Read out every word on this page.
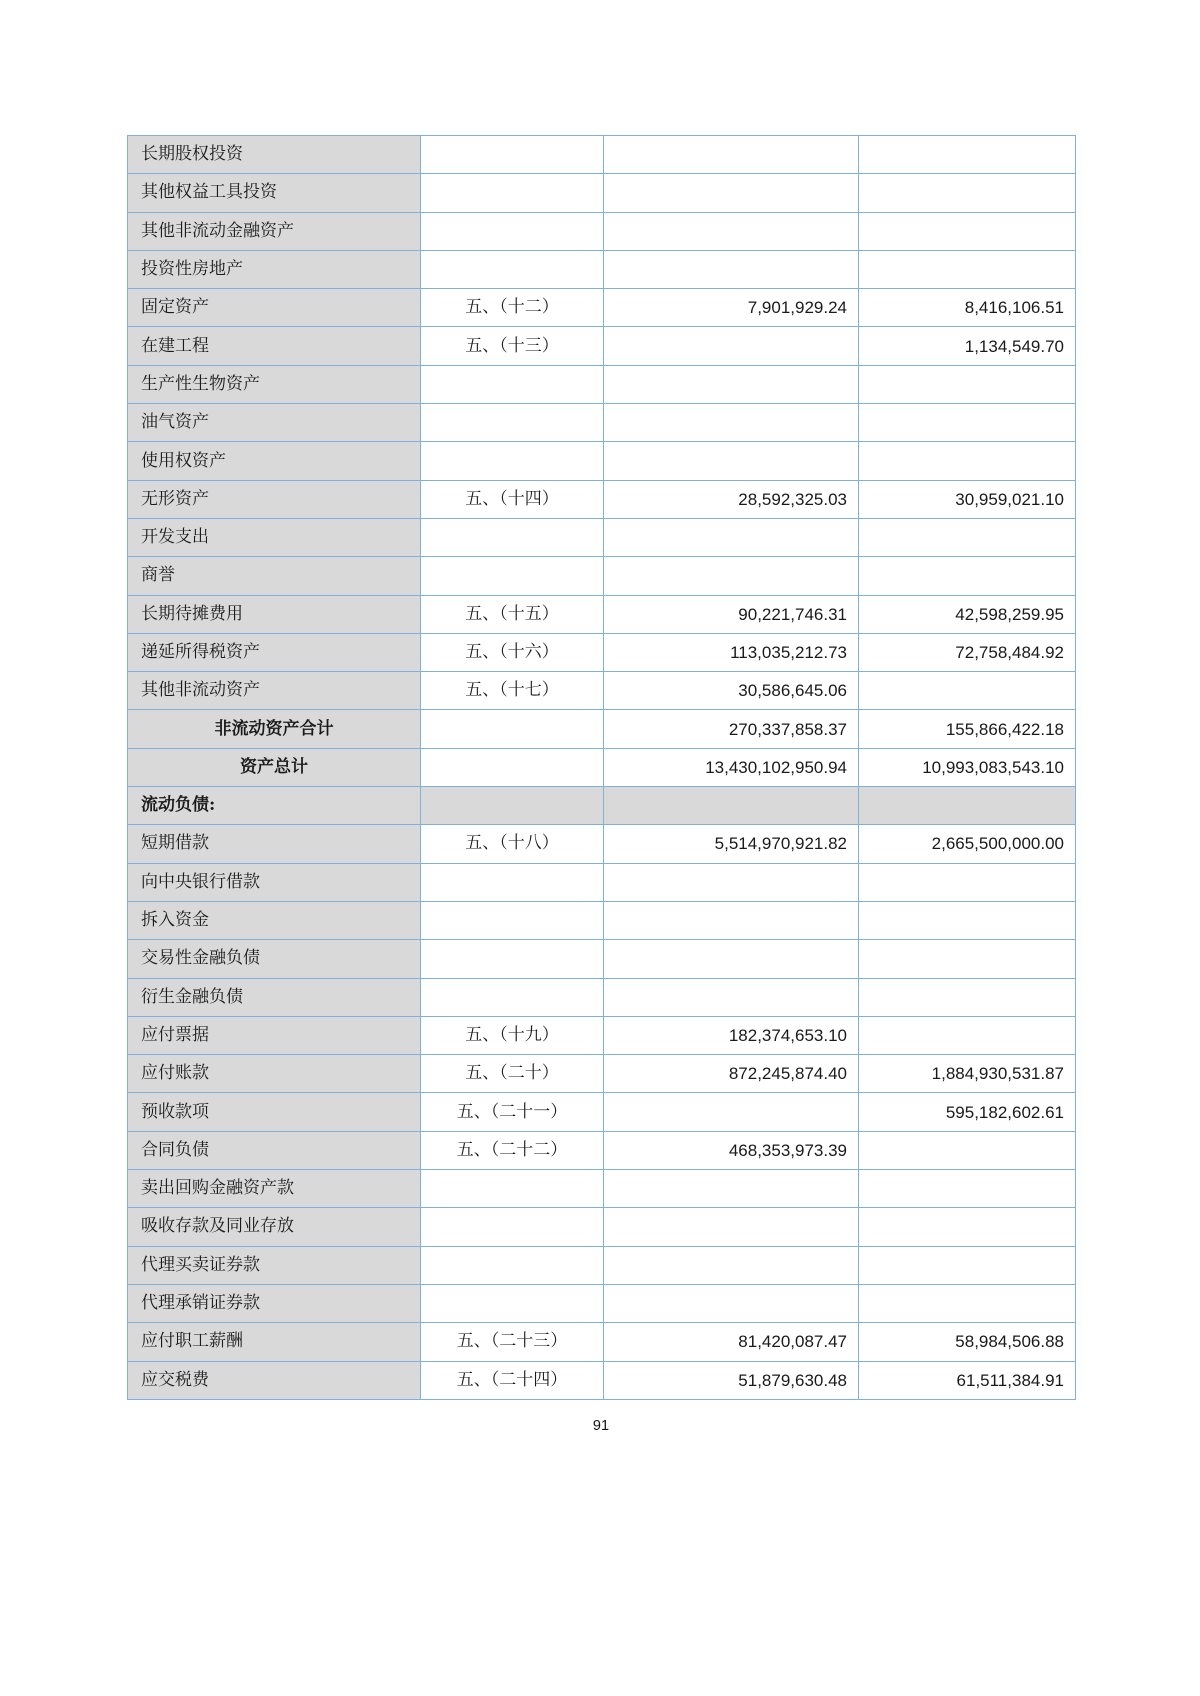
长期股权投资			
其他权益工具投资			
其他非流动金融资产			
投资性房地产			
固定资产	五、（十二）	7,901,929.24	8,416,106.51
在建工程	五、（十三）		1,134,549.70
生产性生物资产			
油气资产			
使用权资产			
无形资产	五、（十四）	28,592,325.03	30,959,021.10
开发支出			
商誉			
长期待摊费用	五、（十五）	90,221,746.31	42,598,259.95
递延所得税资产	五、（十六）	113,035,212.73	72,758,484.92
其他非流动资产	五、（十七）	30,586,645.06	
非流动资产合计		270,337,858.37	155,866,422.18
资产总计		13,430,102,950.94	10,993,083,543.10
流动负债:			
短期借款	五、（十八）	5,514,970,921.82	2,665,500,000.00
向中央银行借款			
拆入资金			
交易性金融负债			
衍生金融负债			
应付票据	五、（十九）	182,374,653.10	
应付账款	五、（二十）	872,245,874.40	1,884,930,531.87
预收款项	五、（二十一）		595,182,602.61
合同负债	五、（二十二）	468,353,973.39	
卖出回购金融资产款			
吸收存款及同业存放			
代理买卖证券款			
代理承销证券款			
应付职工薪酬	五、（二十三）	81,420,087.47	58,984,506.88
应交税费	五、（二十四）	51,879,630.48	61,511,384.91
91
